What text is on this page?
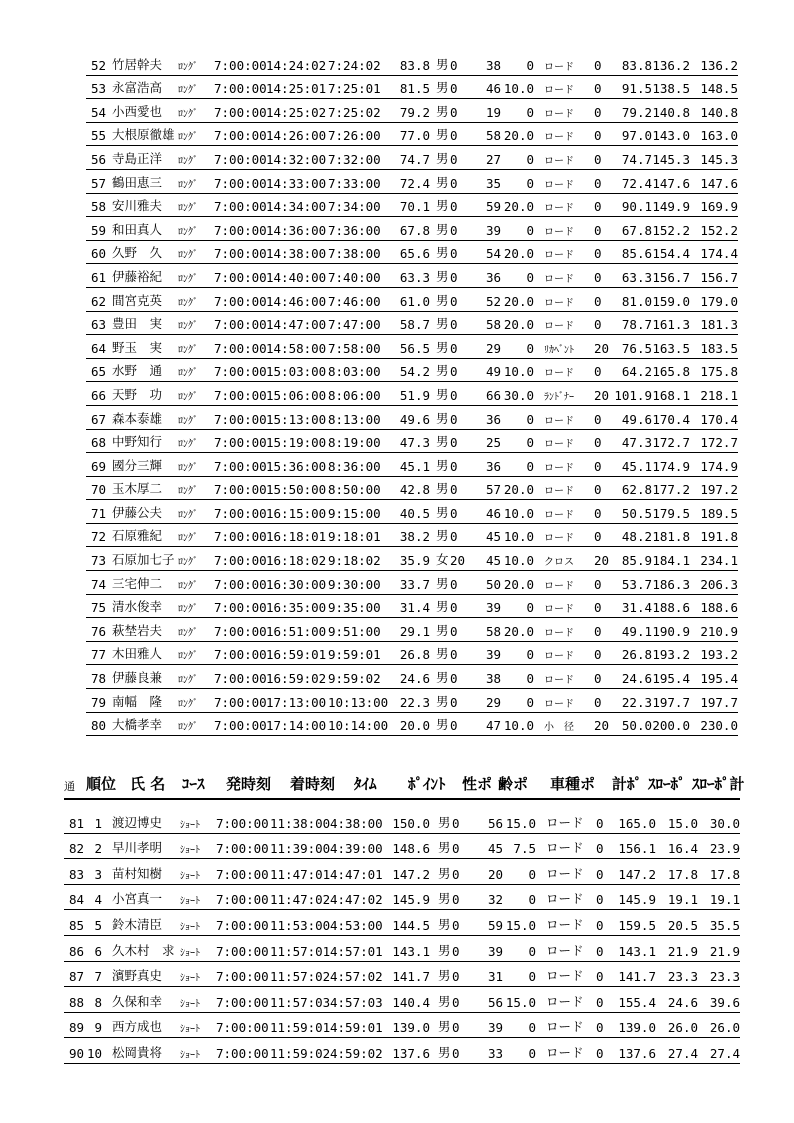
52 竹居幹夫	ﾛﾝｸﾞ	7:00:00 14:24:02 7:24:02	83.8 男 0	38	0 ロード	0	83.8 136.2 136.2
53 永富浩高	ﾛﾝｸﾞ	7:00:00 14:25:01 7:25:01	81.5 男 0	46 10.0 ロード	0	91.5 138.5 148.5
54 小西愛也	ﾛﾝｸﾞ	7:00:00 14:25:02 7:25:02	79.2 男 0	19	0 ロード	0	79.2 140.8 140.8
55 大根原徹雄 ﾛﾝｸﾞ	7:00:00 14:26:00 7:26:00	77.0 男 0	58 20.0 ロード	0	97.0 143.0 163.0
56 寺島正洋	ﾛﾝｸﾞ	7:00:00 14:32:00 7:32:00	74.7 男 0	27	0 ロード	0	74.7 145.3 145.3
57 鶴田恵三	ﾛﾝｸﾞ	7:00:00 14:33:00 7:33:00	72.4 男 0	35	0 ロード	0	72.4 147.6 147.6
58 安川雅夫	ﾛﾝｸﾞ	7:00:00 14:34:00 7:34:00	70.1 男 0	59 20.0 ロード	0	90.1 149.9 169.9
59 和田真人	ﾛﾝｸﾞ	7:00:00 14:36:00 7:36:00	67.8 男 0	39	0 ロード	0	67.8 152.2 152.2
60 久野　久	ﾛﾝｸﾞ	7:00:00 14:38:00 7:38:00	65.6 男 0	54 20.0 ロード	0	85.6 154.4 174.4
61 伊藤裕紀	ﾛﾝｸﾞ	7:00:00 14:40:00 7:40:00	63.3 男 0	36	0 ロード	0	63.3 156.7 156.7
62 間宮克英	ﾛﾝｸﾞ	7:00:00 14:46:00 7:46:00	61.0 男 0	52 20.0 ロード	0	81.0 159.0 179.0
63 豊田　実	ﾛﾝｸﾞ	7:00:00 14:47:00 7:47:00	58.7 男 0	58 20.0 ロード	0	78.7 161.3 181.3
64 野玉　実	ﾛﾝｸﾞ	7:00:00 14:58:00 7:58:00	56.5 男 0	29	0 ﾘｶﾍﾞﾝﾄ	20	76.5 163.5 183.5
65 水野　通	ﾛﾝｸﾞ	7:00:00 15:03:00 8:03:00	54.2 男 0	49 10.0 ロード	0	64.2 165.8 175.8
66 天野　功	ﾛﾝｸﾞ	7:00:00 15:06:00 8:06:00	51.9 男 0	66 30.0 ﾗﾝﾄﾞﾅｰ	20 101.9 168.1 218.1
67 森本泰雄	ﾛﾝｸﾞ	7:00:00 15:13:00 8:13:00	49.6 男 0	36	0 ロード	0	49.6 170.4 170.4
68 中野知行	ﾛﾝｸﾞ	7:00:00 15:19:00 8:19:00	47.3 男 0	25	0 ロード	0	47.3 172.7 172.7
69 國分三輝	ﾛﾝｸﾞ	7:00:00 15:36:00 8:36:00	45.1 男 0	36	0 ロード	0	45.1 174.9 174.9
70 玉木厚二	ﾛﾝｸﾞ	7:00:00 15:50:00 8:50:00	42.8 男 0	57 20.0 ロード	0	62.8 177.2 197.2
71 伊藤公夫	ﾛﾝｸﾞ	7:00:00 16:15:00 9:15:00	40.5 男 0	46 10.0 ロード	0	50.5 179.5 189.5
72 石原雅紀	ﾛﾝｸﾞ	7:00:00 16:18:01 9:18:01	38.2 男 0	45 10.0 ロード	0	48.2 181.8 191.8
73 石原加七子 ﾛﾝｸﾞ	7:00:00 16:18:02 9:18:02	35.9 女 20 45 10.0 クロス	20	85.9 184.1 234.1
74 三宅伸二	ﾛﾝｸﾞ	7:00:00 16:30:00 9:30:00	33.7 男 0	50 20.0 ロード	0	53.7 186.3 206.3
75 清水俊幸	ﾛﾝｸﾞ	7:00:00 16:35:00 9:35:00	31.4 男 0	39	0 ロード	0	31.4 188.6 188.6
76 萩埜岩夫	ﾛﾝｸﾞ	7:00:00 16:51:00 9:51:00	29.1 男 0	58 20.0 ロード	0	49.1 190.9 210.9
77 木田雅人	ﾛﾝｸﾞ	7:00:00 16:59:01 9:59:01	26.8 男 0	39	0 ロード	0	26.8 193.2 193.2
78 伊藤良兼	ﾛﾝｸﾞ	7:00:00 16:59:02 9:59:02	24.6 男 0	38	0 ロード	0	24.6 195.4 195.4
79 南幅　隆	ﾛﾝｸﾞ	7:00:00 17:13:00 10:13:00 22.3 男 0	29	0 ロード	0	22.3 197.7 197.7
80 大橋孝幸	ﾛﾝｸﾞ	7:00:00 17:14:00 10:14:00 20.0 男 0	47 10.0 小　径	20	50.0 200.0 230.0
通 順位 氏 名 ｺｰｽ 発時刻 着時刻 ﾀｲﾑ ﾎﾟｲﾝﾄ 性ポ 齢ポ 車種ポ 計ﾎﾟ ｽﾛｰﾎﾟ ｽﾛｰﾎﾟ計
81 1 渡辺博史	ｼｮｰﾄ	7:00:00 11:38:00 4:38:00 150.0 男 0	56 15.0 ロード 0	165.0 15.0 30.0
82 2 早川孝明	ｼｮｰﾄ	7:00:00 11:39:00 4:39:00 148.6 男 0	45 7.5 ロード 0	156.1 16.4 23.9
83 3 苗村知樹	ｼｮｰﾄ	7:00:00 11:47:01 4:47:01 147.2 男 0	20	0 ロード 0	147.2 17.8 17.8
84 4 小宮真一	ｼｮｰﾄ	7:00:00 11:47:02 4:47:02 145.9 男 0	32	0 ロード 0	145.9 19.1 19.1
85 5 鈴木清臣	ｼｮｰﾄ	7:00:00 11:53:00 4:53:00 144.5 男 0	59 15.0 ロード 0	159.5 20.5 35.5
86 6 久木村　求 ｼｮｰﾄ	7:00:00 11:57:01 4:57:01 143.1 男 0	39	0 ロード 0	143.1 21.9 21.9
87 7 濱野真史	ｼｮｰﾄ	7:00:00 11:57:02 4:57:02 141.7 男 0	31	0 ロード 0	141.7 23.3 23.3
88 8 久保和幸	ｼｮｰﾄ	7:00:00 11:57:03 4:57:03 140.4 男 0	56 15.0 ロード 0	155.4 24.6 39.6
89 9 西方成也	ｼｮｰﾄ	7:00:00 11:59:01 4:59:01 139.0 男 0	39	0 ロード 0	139.0 26.0 26.0
90 10 松岡貴将	ｼｮｰﾄ	7:00:00 11:59:02 4:59:02 137.6 男 0	33	0 ロード 0	137.6 27.4 27.4
